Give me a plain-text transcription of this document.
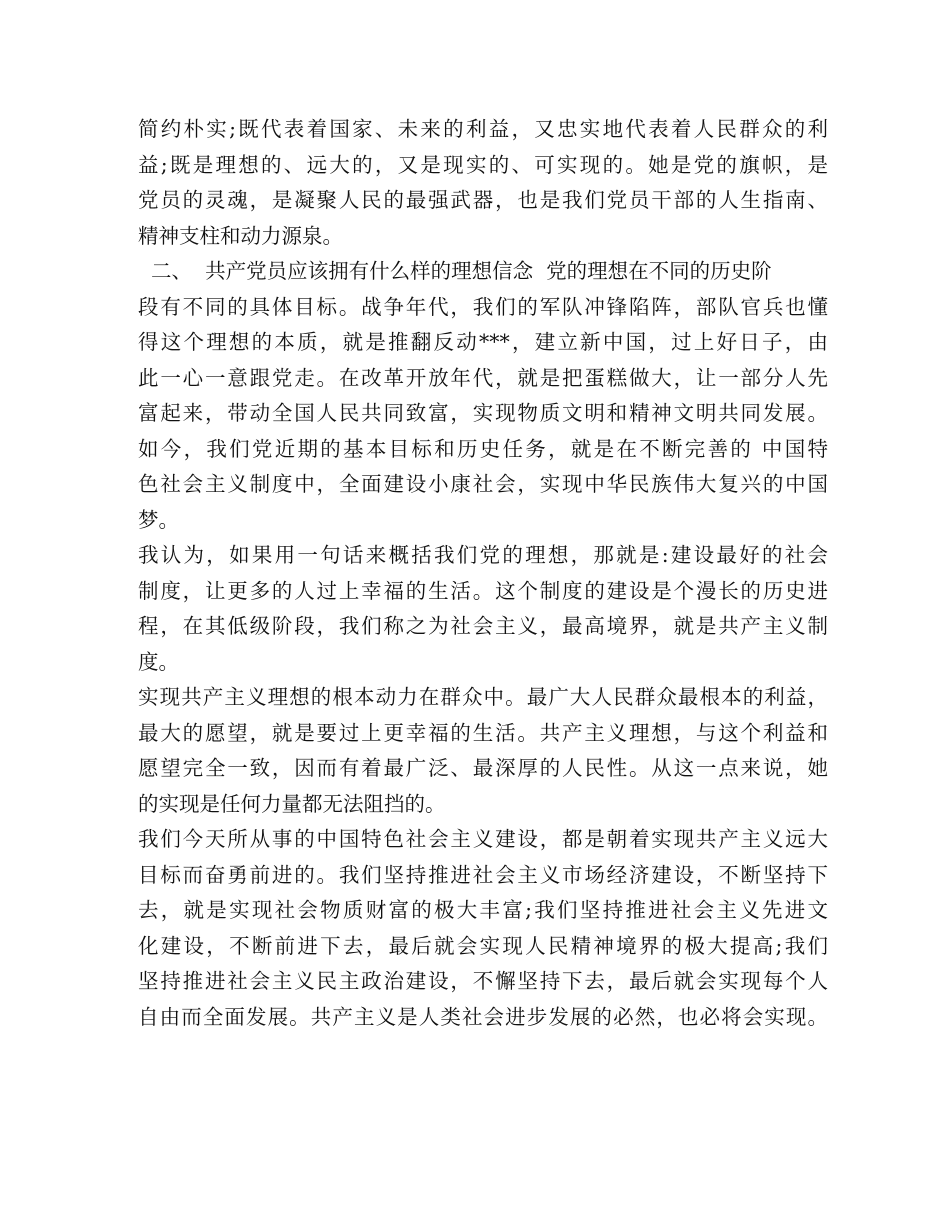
简约朴实;既代表着国家、未来的利益，又忠实地代表着人民群众的利
益;既是理想的、远大的，又是现实的、可实现的。她是党的旗帜，是
党员的灵魂，是凝聚人民的最强武器，也是我们党员干部的人生指南、
精神支柱和动力源泉。
二、  共产党员应该拥有什么样的理想信念  党的理想在不同的历史阶
段有不同的具体目标。战争年代，我们的军队冲锋陷阵，部队官兵也懂
得这个理想的本质，就是推翻反动***，建立新中国，过上好日子，由
此一心一意跟党走。在改革开放年代，就是把蛋糕做大，让一部分人先
富起来，带动全国人民共同致富，实现物质文明和精神文明共同发展。
如今，我们党近期的基本目标和历史任务，就是在不断完善的 中国特
色社会主义制度中，全面建设小康社会，实现中华民族伟大复兴的中国
梦。
我认为，如果用一句话来概括我们党的理想，那就是:建设最好的社会
制度，让更多的人过上幸福的生活。这个制度的建设是个漫长的历史进
程，在其低级阶段，我们称之为社会主义，最高境界，就是共产主义制
度。
实现共产主义理想的根本动力在群众中。最广大人民群众最根本的利益，
最大的愿望，就是要过上更幸福的生活。共产主义理想，与这个利益和
愿望完全一致，因而有着最广泛、最深厚的人民性。从这一点来说，她
的实现是任何力量都无法阻挡的。
我们今天所从事的中国特色社会主义建设，都是朝着实现共产主义远大
目标而奋勇前进的。我们坚持推进社会主义市场经济建设，不断坚持下
去，就是实现社会物质财富的极大丰富;我们坚持推进社会主义先进文
化建设，不断前进下去，最后就会实现人民精神境界的极大提高;我们
坚持推进社会主义民主政治建设，不懈坚持下去，最后就会实现每个人
自由而全面发展。共产主义是人类社会进步发展的必然，也必将会实现。
